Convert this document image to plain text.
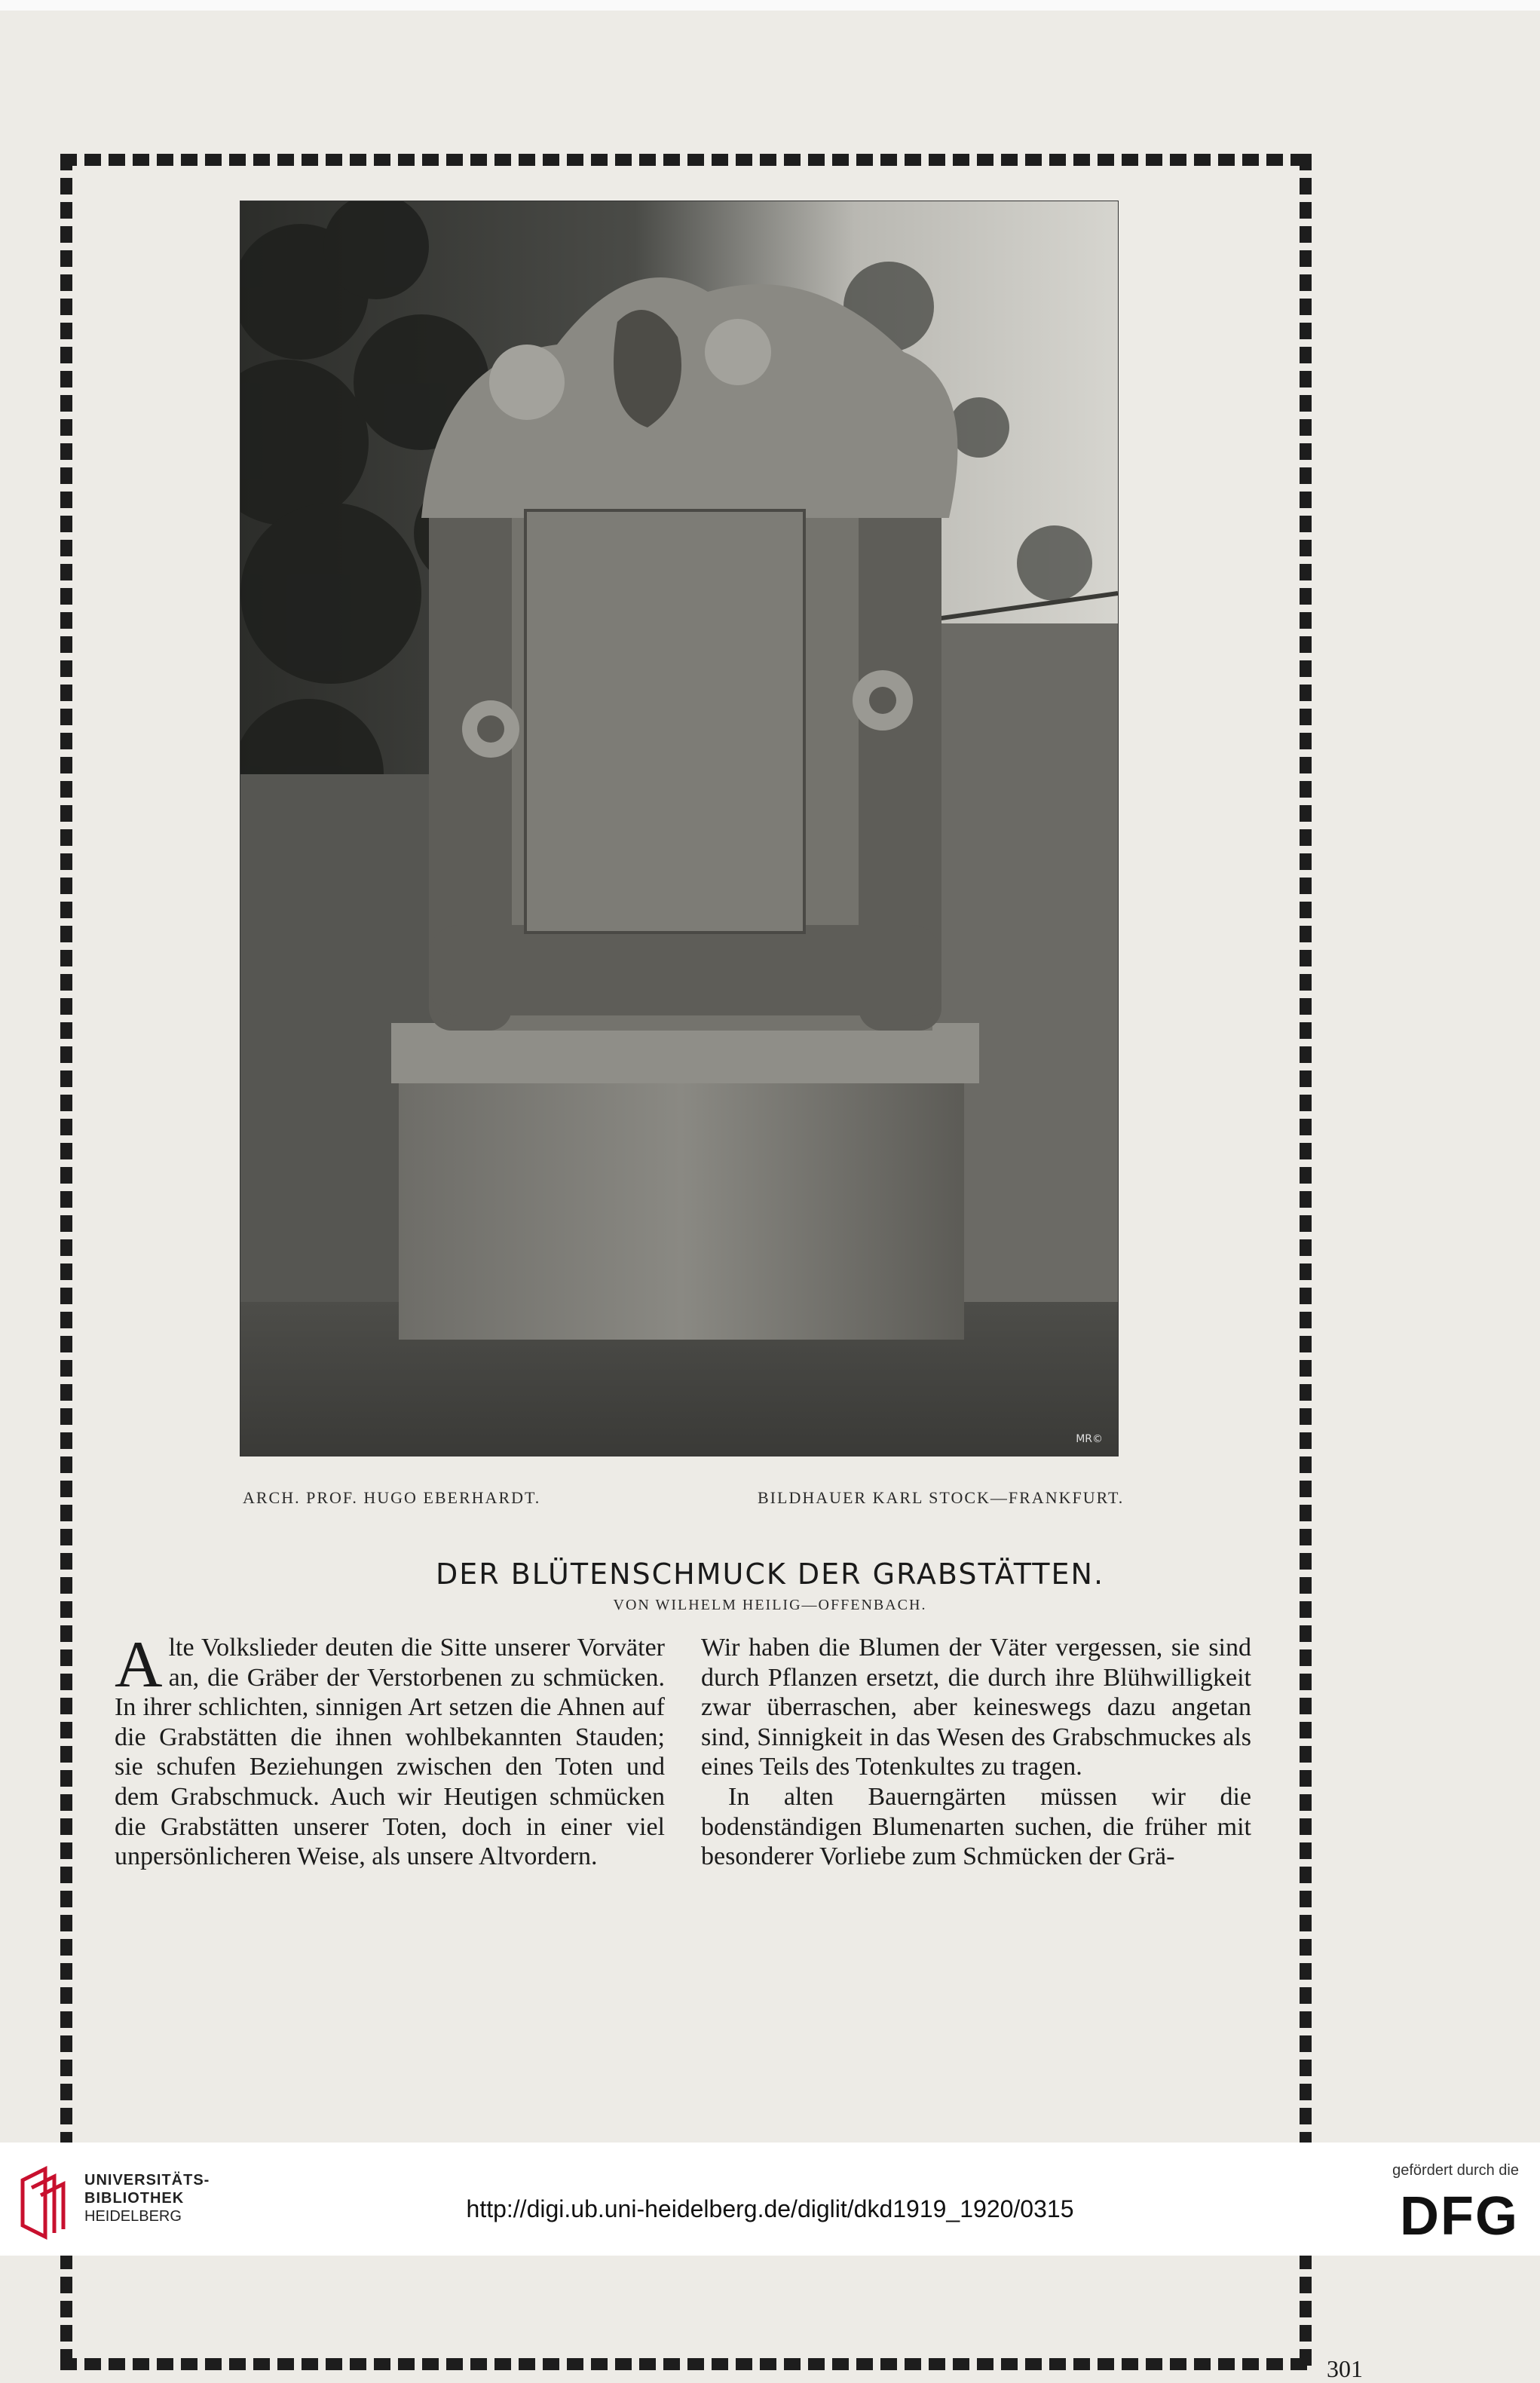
MR©
ARCH. PROF. HUGO EBERHARDT.	BILDHAUER KARL STOCK—FRANKFURT.
DER BLÜTENSCHMUCK DER GRABSTÄTTEN.
VON WILHELM HEILIG—OFFENBACH.

Alte Volkslieder deuten die Sitte unserer Vorväter an, die Gräber der Verstorbenen zu schmücken. In ihrer schlichten, sinnigen Art setzen die Ahnen auf die Grabstätten die ihnen wohlbekannten Stauden; sie schufen Beziehungen zwischen den Toten und dem Grabschmuck. Auch wir Heutigen schmücken die Grabstätten unserer Toten, doch in einer viel unpersönlicheren Weise, als unsere Altvordern.

Wir haben die Blumen der Väter vergessen, sie sind durch Pflanzen ersetzt, die durch ihre Blühwilligkeit zwar überraschen, aber keineswegs dazu angetan sind, Sinnigkeit in das Wesen des Grabschmuckes als eines Teils des Totenkultes zu tragen.

In alten Bauerngärten müssen wir die bodenständigen Blumenarten suchen, die früher mit besonderer Vorliebe zum Schmücken der Grä-

301
UNIVERSITÄTS-
BIBLIOTHEK
HEIDELBERG	http://digi.ub.uni-heidelberg.de/diglit/dkd1919_1920/0315
gefördert durch die
DFG
